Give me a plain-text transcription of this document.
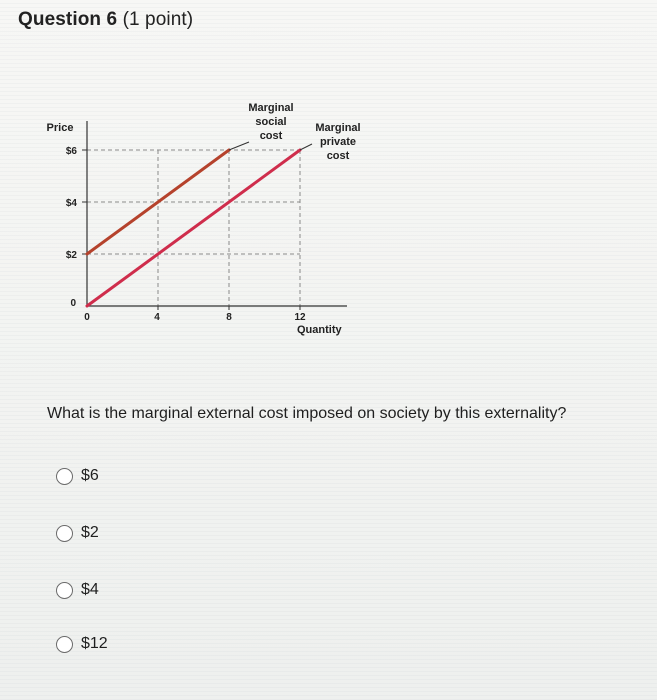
Question 6 (1 point)
$6
$4
$2
0
0	4	8	12
Price
Quantity
Marginal
social
cost
Marginal
private
cost

What is the marginal external cost imposed on society by this externality?

$6
$2
$4
$12
